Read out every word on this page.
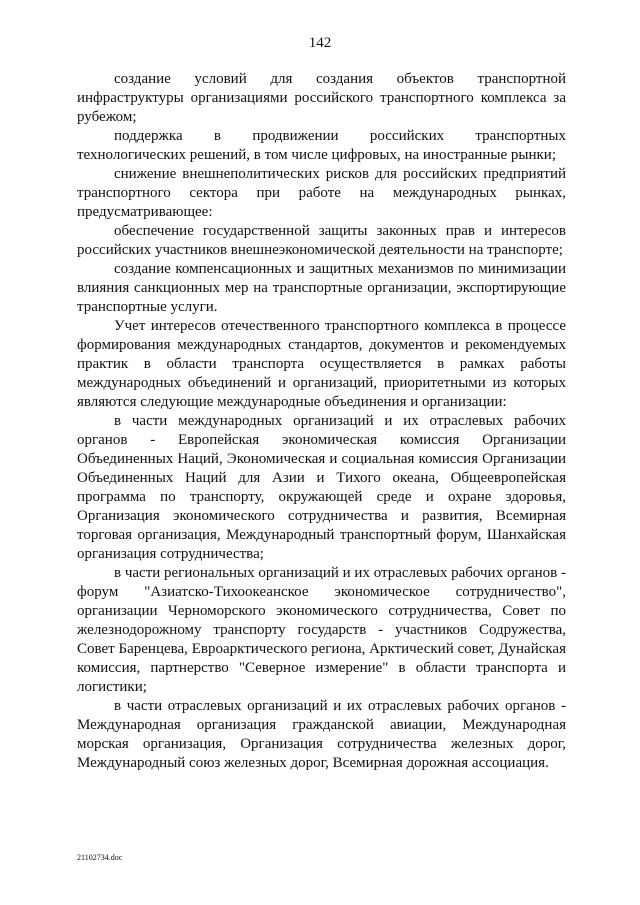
142

создание условий для создания объектов транспортной инфраструктуры организациями российского транспортного комплекса за рубежом;

поддержка в продвижении российских транспортных технологических решений, в том числе цифровых, на иностранные рынки;

снижение внешнеполитических рисков для российских предприятий транспортного сектора при работе на международных рынках, предусматривающее:

обеспечение государственной защиты законных прав и интересов российских участников внешнеэкономической деятельности на транспорте;

создание компенсационных и защитных механизмов по минимизации влияния санкционных мер на транспортные организации, экспортирующие транспортные услуги.

Учет интересов отечественного транспортного комплекса в процессе формирования международных стандартов, документов и рекомендуемых практик в области транспорта осуществляется в рамках работы международных объединений и организаций, приоритетными из которых являются следующие международные объединения и организации:

в части международных организаций и их отраслевых рабочих органов - Европейская экономическая комиссия Организации Объединенных Наций, Экономическая и социальная комиссия Организации Объединенных Наций для Азии и Тихого океана, Общеевропейская программа по транспорту, окружающей среде и охране здоровья, Организация экономического сотрудничества и развития, Всемирная торговая организация, Международный транспортный форум, Шанхайская организация сотрудничества;

в части региональных организаций и их отраслевых рабочих органов - форум "Азиатско-Тихоокеанское экономическое сотрудничество", организации Черноморского экономического сотрудничества, Совет по железнодорожному транспорту государств - участников Содружества, Совет Баренцева, Евроарктического региона, Арктический совет, Дунайская комиссия, партнерство "Северное измерение" в области транспорта и логистики;

в части отраслевых организаций и их отраслевых рабочих органов - Международная организация гражданской авиации, Международная морская организация, Организация сотрудничества железных дорог, Международный союз железных дорог, Всемирная дорожная ассоциация.

21102734.doc
